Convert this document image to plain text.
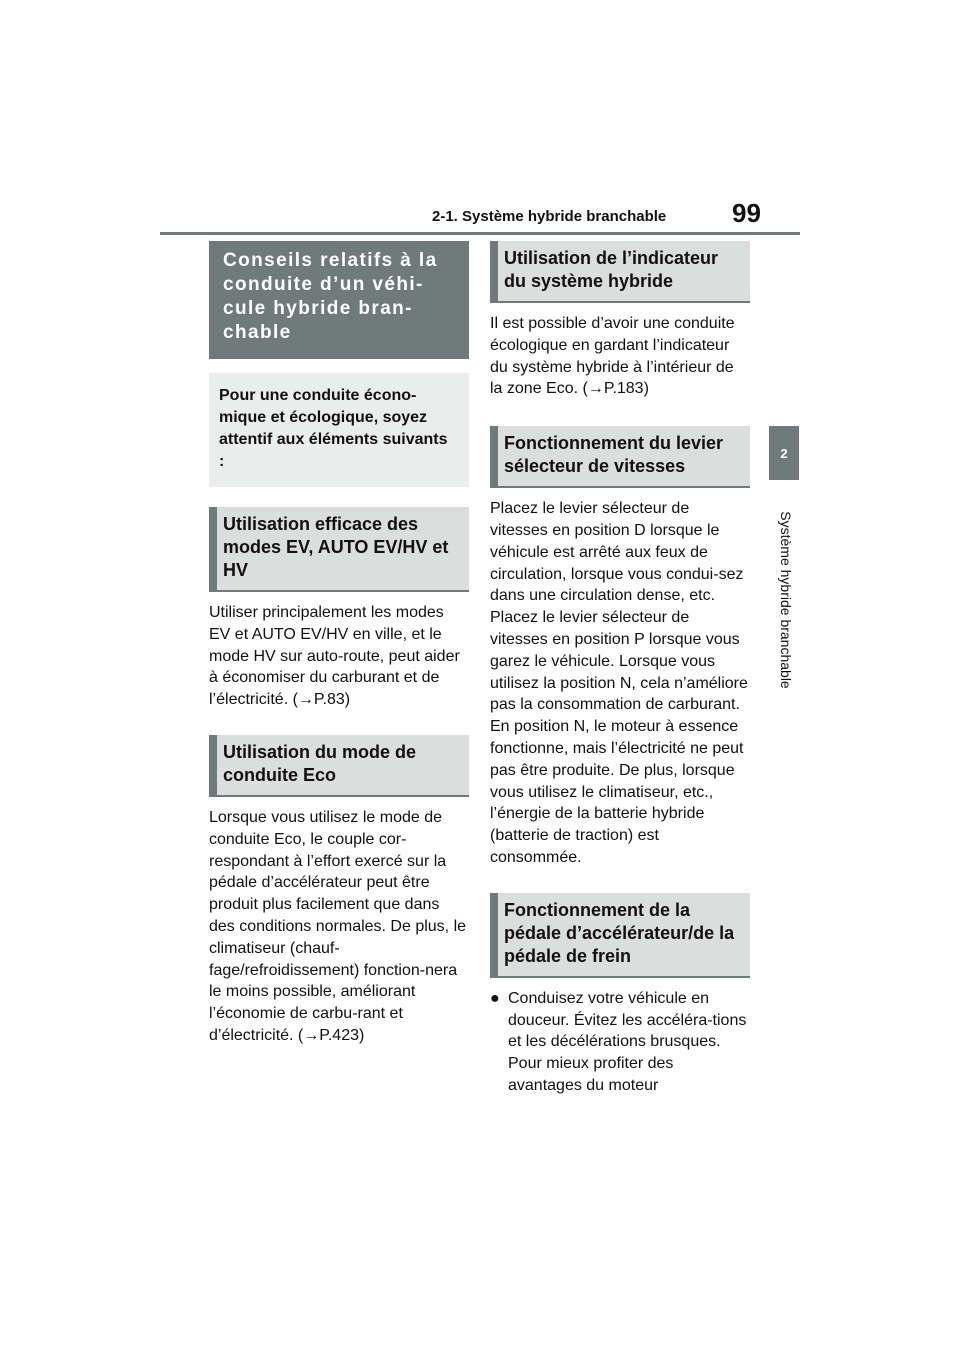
2-1. Système hybride branchable	99
2
Système hybride branchable
Conseils relatifs à la conduite d’un véhi-cule hybride bran-chable
Pour une conduite écono-mique et écologique, soyez attentif aux éléments suivants :
Utilisation efficace des modes EV, AUTO EV/HV et HV

Utiliser principalement les modes EV et AUTO EV/HV en ville, et le mode HV sur auto-route, peut aider à économiser du carburant et de l’électricité. (→P.83)

Utilisation du mode de conduite Eco

Lorsque vous utilisez le mode de conduite Eco, le couple cor-respondant à l’effort exercé sur la pédale d’accélérateur peut être produit plus facilement que dans des conditions normales. De plus, le climatiseur (chauf-fage/refroidissement) fonction-nera le moins possible, améliorant l’économie de carbu-rant et d’électricité. (→P.423)

Utilisation de l’indicateur du système hybride

Il est possible d’avoir une conduite écologique en gardant l’indicateur du système hybride à l’intérieur de la zone Eco. (→P.183)

Fonctionnement du levier sélecteur de vitesses

Placez le levier sélecteur de vitesses en position D lorsque le véhicule est arrêté aux feux de circulation, lorsque vous condui-sez dans une circulation dense, etc. Placez le levier sélecteur de vitesses en position P lorsque vous garez le véhicule. Lorsque vous utilisez la position N, cela n’améliore pas la consommation de carburant. En position N, le moteur à essence fonctionne, mais l’électricité ne peut pas être produite. De plus, lorsque vous utilisez le climatiseur, etc., l’énergie de la batterie hybride (batterie de traction) est consommée.

Fonctionnement de la pédale d’accélérateur/de la pédale de frein
● Conduisez votre véhicule en douceur. Évitez les accéléra-tions et les décélérations brusques. Pour mieux profiter des avantages du moteur
